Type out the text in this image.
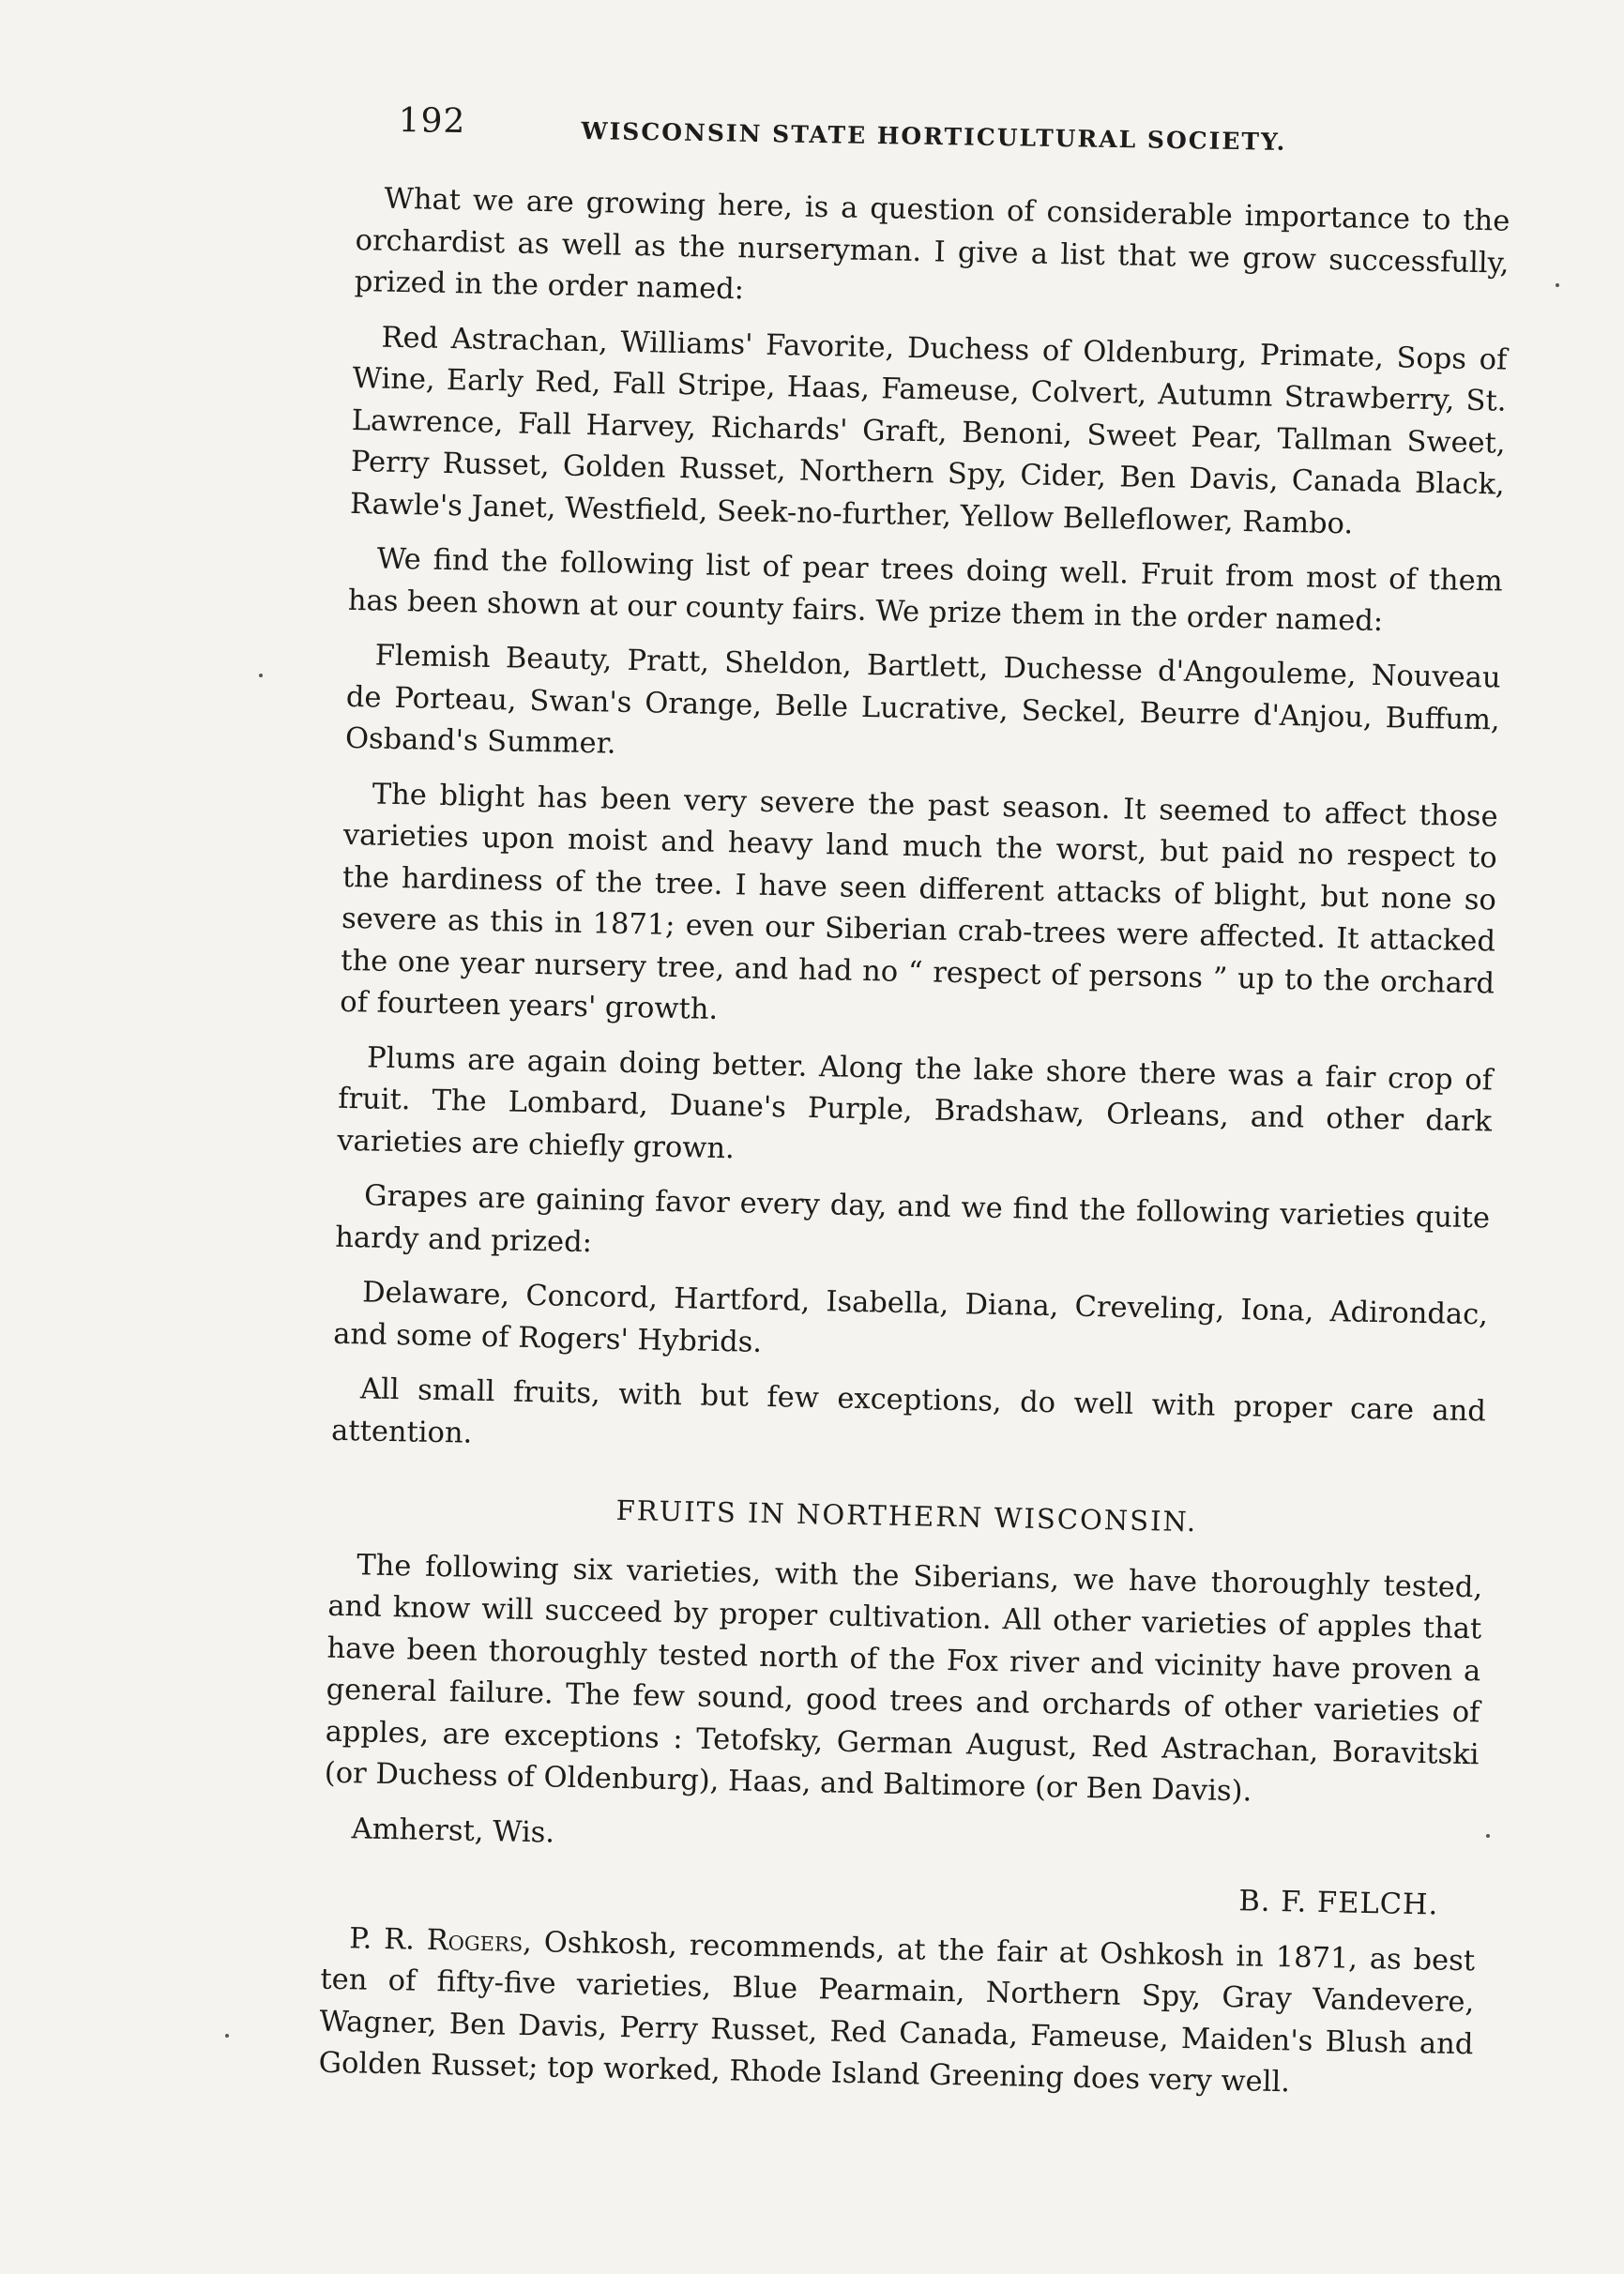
192	WISCONSIN STATE HORTICULTURAL SOCIETY.

What we are growing here, is a question of considerable importance to the orchardist as well as the nurseryman. I give a list that we grow successfully, prized in the order named:

Red Astrachan, Williams' Favorite, Duchess of Oldenburg, Primate, Sops of Wine, Early Red, Fall Stripe, Haas, Fameuse, Colvert, Autumn Strawberry, St. Lawrence, Fall Harvey, Richards' Graft, Benoni, Sweet Pear, Tallman Sweet, Perry Russet, Golden Russet, Northern Spy, Cider, Ben Davis, Canada Black, Rawle's Janet, Westfield, Seek-no-further, Yellow Belleflower, Rambo.

We find the following list of pear trees doing well. Fruit from most of them has been shown at our county fairs. We prize them in the order named:

Flemish Beauty, Pratt, Sheldon, Bartlett, Duchesse d'Angouleme, Nouveau de Porteau, Swan's Orange, Belle Lucrative, Seckel, Beurre d'Anjou, Buffum, Osband's Summer.

The blight has been very severe the past season. It seemed to affect those varieties upon moist and heavy land much the worst, but paid no respect to the hardiness of the tree. I have seen different attacks of blight, but none so severe as this in 1871; even our Siberian crab-trees were affected. It attacked the one year nursery tree, and had no “ respect of persons ” up to the orchard of fourteen years' growth.

Plums are again doing better. Along the lake shore there was a fair crop of fruit. The Lombard, Duane's Purple, Bradshaw, Orleans, and other dark varieties are chiefly grown.

Grapes are gaining favor every day, and we find the following varieties quite hardy and prized:

Delaware, Concord, Hartford, Isabella, Diana, Creveling, Iona, Adirondac, and some of Rogers' Hybrids.

All small fruits, with but few exceptions, do well with proper care and attention.

FRUITS IN NORTHERN WISCONSIN.

The following six varieties, with the Siberians, we have thoroughly tested, and know will succeed by proper cultivation. All other varieties of apples that have been thoroughly tested north of the Fox river and vicinity have proven a general failure. The few sound, good trees and orchards of other varieties of apples, are exceptions : Tetofsky, German August, Red Astrachan, Boravitski (or Duchess of Oldenburg), Haas, and Baltimore (or Ben Davis).

Amherst, Wis.

B. F. FELCH.

P. R. Rogers, Oshkosh, recommends, at the fair at Oshkosh in 1871, as best ten of fifty-five varieties, Blue Pearmain, Northern Spy, Gray Vandevere, Wagner, Ben Davis, Perry Russet, Red Canada, Fameuse, Maiden's Blush and Golden Russet; top worked, Rhode Island Greening does very well.
